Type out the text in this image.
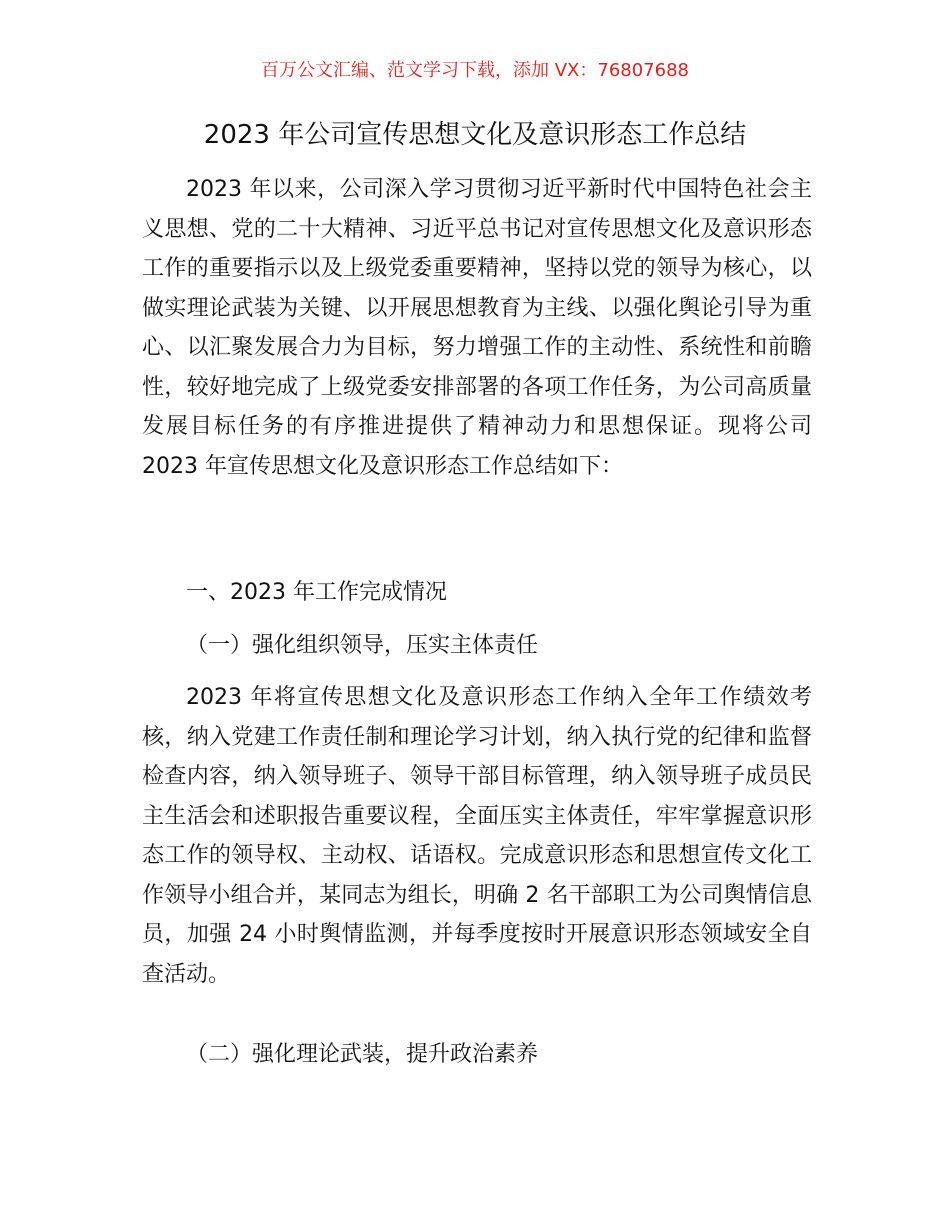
百万公文汇编、范文学习下载，添加 VX：76807688
2023 年公司宣传思想文化及意识形态工作总结

2023 年以来，公司深入学习贯彻习近平新时代中国特色社会主义思想、党的二十大精神、习近平总书记对宣传思想文化及意识形态工作的重要指示以及上级党委重要精神，坚持以党的领导为核心，以做实理论武装为关键、以开展思想教育为主线、以强化舆论引导为重心、以汇聚发展合力为目标，努力增强工作的主动性、系统性和前瞻性，较好地完成了上级党委安排部署的各项工作任务，为公司高质量发展目标任务的有序推进提供了精神动力和思想保证。现将公司 2023 年宣传思想文化及意识形态工作总结如下：

一、2023 年工作完成情况

（一）强化组织领导，压实主体责任

2023 年将宣传思想文化及意识形态工作纳入全年工作绩效考核，纳入党建工作责任制和理论学习计划，纳入执行党的纪律和监督检查内容，纳入领导班子、领导干部目标管理，纳入领导班子成员民主生活会和述职报告重要议程，全面压实主体责任，牢牢掌握意识形态工作的领导权、主动权、话语权。完成意识形态和思想宣传文化工作领导小组合并，某同志为组长，明确 2 名干部职工为公司舆情信息员，加强 24 小时舆情监测，并每季度按时开展意识形态领域安全自查活动。

（二）强化理论武装，提升政治素养
